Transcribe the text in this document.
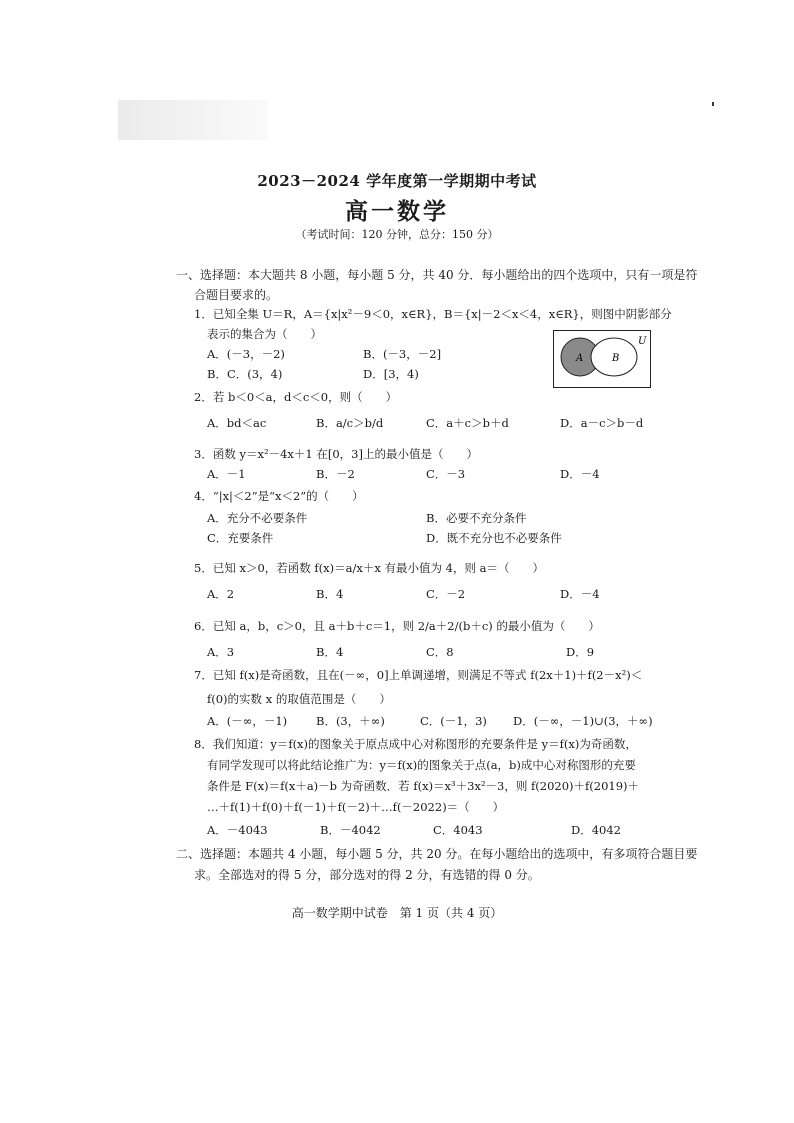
2023－2024 学年度第一学期期中考试
高一数学
（考试时间：120 分钟，总分：150 分）
一、选择题：本大题共 8 小题，每小题 5 分，共 40 分．每小题给出的四个选项中，只有一项是符
合题目要求的。
1．已知全集 U＝R，A＝{x|x²－9＜0，x∈R}，B＝{x|－2＜x＜4，x∈R}，则图中阴影部分
表示的集合为（　　）
A．(－3，－2)	B．(－3，－2]
B．C．(3，4)	D．[3，4)
A	B
U
2．若 b＜0＜a，d＜c＜0，则（　　）
A．bd＜ac	B．a/c＞b/d	C．a＋c＞b＋d	D．a－c＞b－d
3．函数 y＝x²－4x＋1 在[0，3]上的最小值是（　　）
A．－1	B．－2	C．－3	D．－4
4．“|x|＜2”是“x＜2”的（　　）
A．充分不必要条件	B．必要不充分条件
C．充要条件	D．既不充分也不必要条件
5．已知 x＞0，若函数 f(x)＝a/x＋x 有最小值为 4，则 a＝（　　）
A．2	B．4	C．－2	D．－4
6．已知 a，b，c＞0，且 a＋b＋c＝1，则 2/a＋2/(b＋c) 的最小值为（　　）
A．3	B．4	C．8	D．9
7．已知 f(x)是奇函数，且在(－∞，0]上单调递增，则满足不等式 f(2x＋1)＋f(2－x²)＜
f(0)的实数 x 的取值范围是（　　）
A．(－∞，－1)	B．(3，＋∞)	C．(－1，3) D．(－∞，－1)∪(3，＋∞)
8．我们知道：y＝f(x)的图象关于原点成中心对称图形的充要条件是 y＝f(x)为奇函数，
有同学发现可以将此结论推广为：y＝f(x)的图象关于点(a，b)成中心对称图形的充要
条件是 F(x)＝f(x＋a)－b 为奇函数．若 f(x)＝x³＋3x²－3，则 f(2020)＋f(2019)＋
…＋f(1)＋f(0)＋f(－1)＋f(－2)＋…f(－2022)＝（　　）
A．－4043	B．－4042	C．4043	D．4042
二、选择题：本题共 4 小题，每小题 5 分，共 20 分。在每小题给出的选项中，有多项符合题目要
求。全部选对的得 5 分，部分选对的得 2 分，有选错的得 0 分。
高一数学期中试卷　第 1 页（共 4 页）
